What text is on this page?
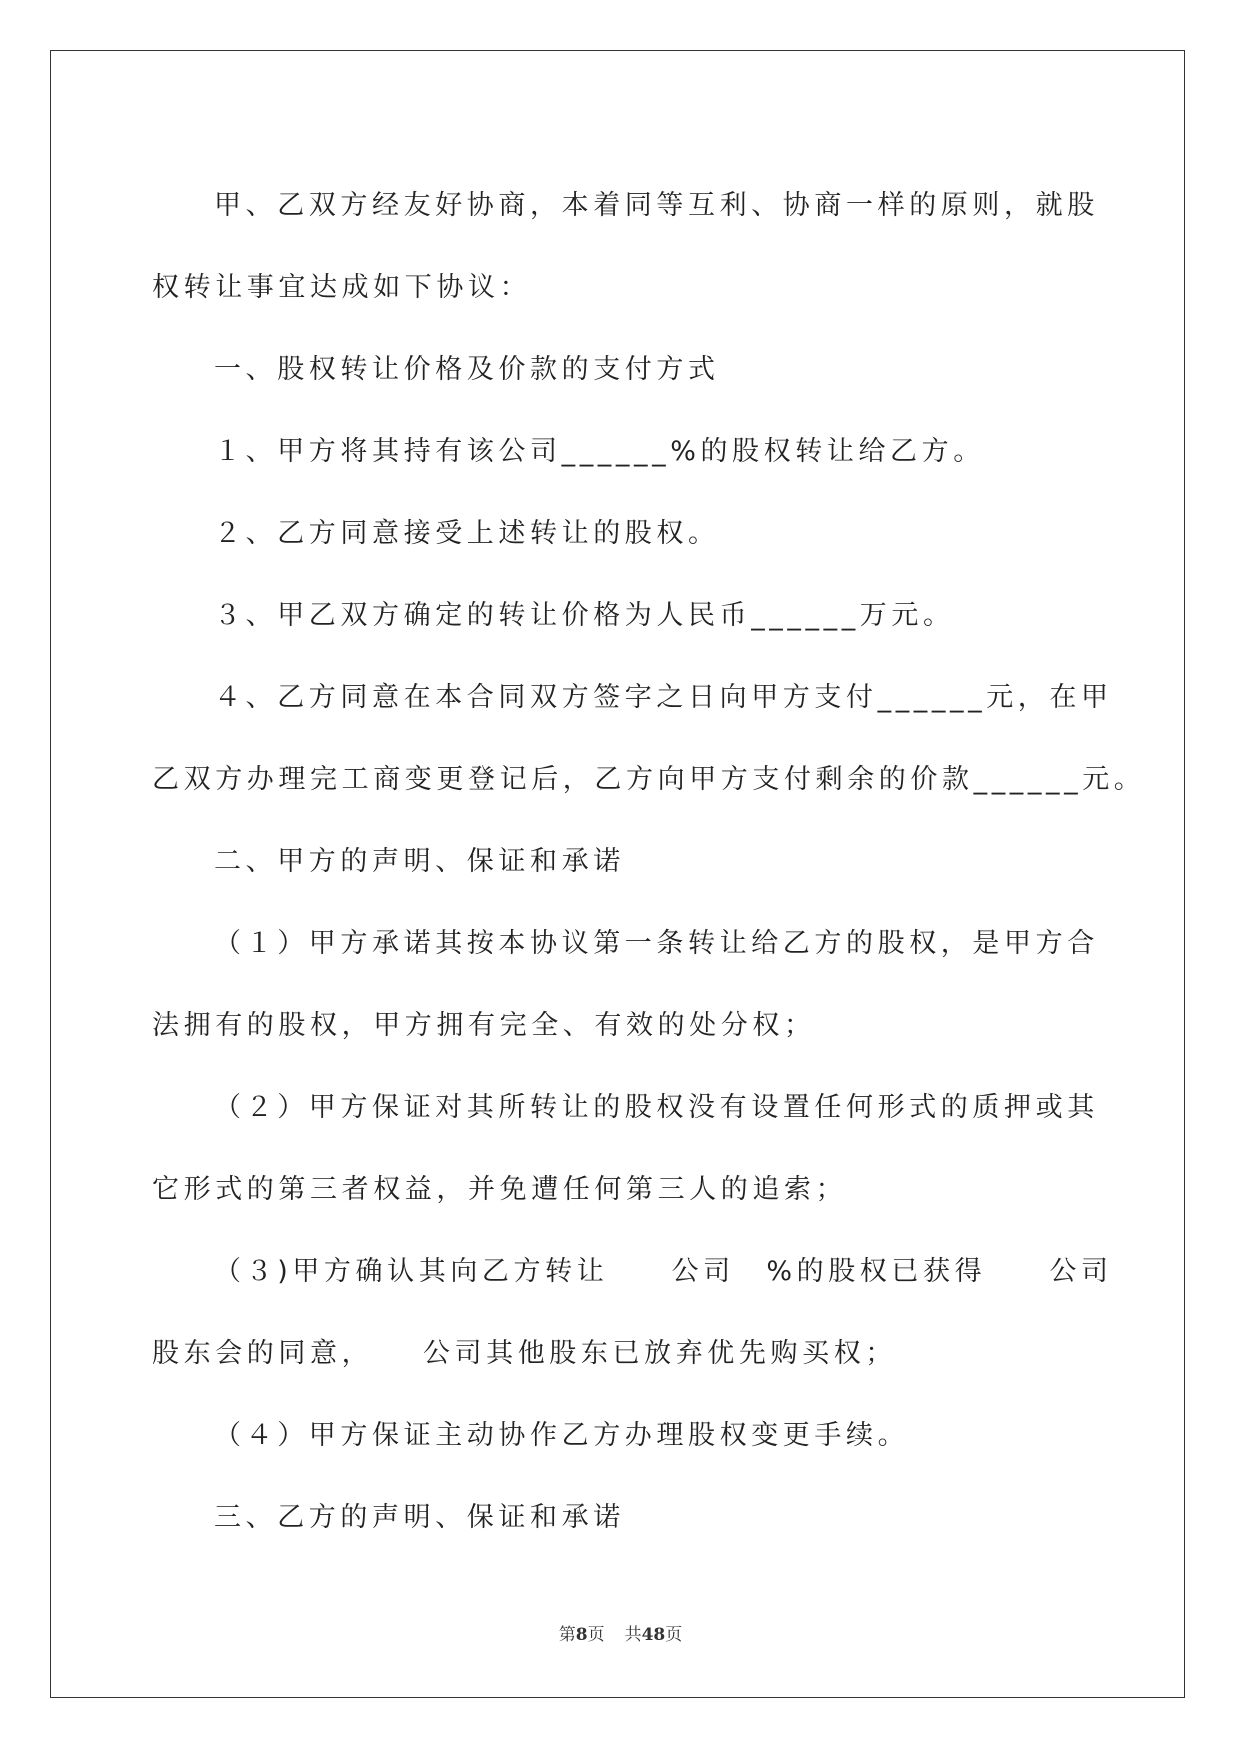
甲、乙双方经友好协商，本着同等互利、协商一样的原则，就股

权转让事宜达成如下协议：

一、股权转让价格及价款的支付方式

１、甲方将其持有该公司______%的股权转让给乙方。

２、乙方同意接受上述转让的股权。

３、甲乙双方确定的转让价格为人民币______万元。

４、乙方同意在本合同双方签字之日向甲方支付______元，在甲

乙双方办理完工商变更登记后，乙方向甲方支付剩余的价款______元。

二、甲方的声明、保证和承诺

（１）甲方承诺其按本协议第一条转让给乙方的股权，是甲方合

法拥有的股权，甲方拥有完全、有效的处分权；

（２）甲方保证对其所转让的股权没有设置任何形式的质押或其

它形式的第三者权益，并免遭任何第三人的追索；

（３)甲方确认其向乙方转让　　公司　%的股权已获得　　公司

股东会的同意，　　公司其他股东已放弃优先购买权；

（４）甲方保证主动协作乙方办理股权变更手续。

三、乙方的声明、保证和承诺

第8页 共48页
